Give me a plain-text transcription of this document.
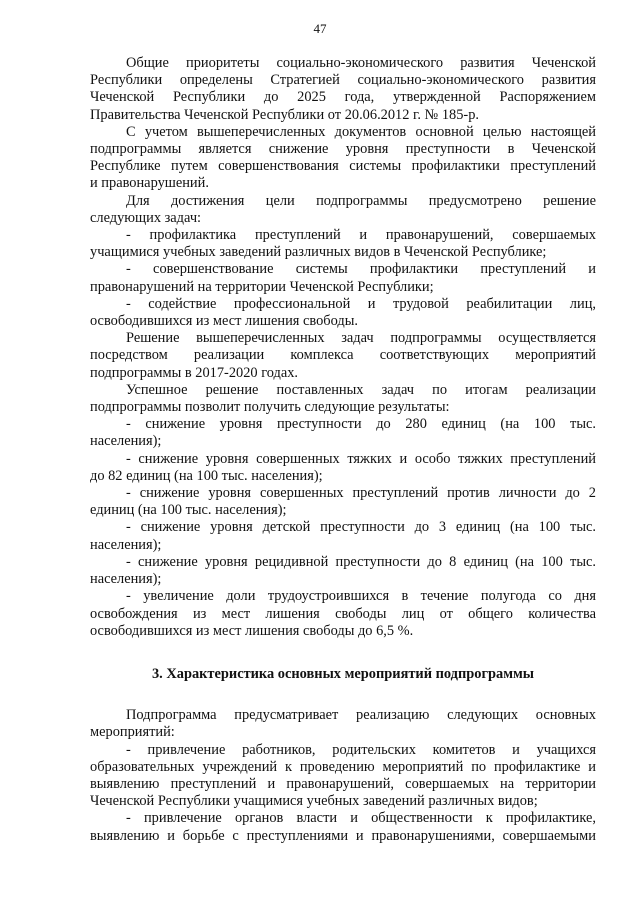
47

Общие приоритеты социально-экономического развития Чеченской
Республики определены Стратегией социально-экономического развития
Чеченской Республики до 2025 года, утвержденной Распоряжением
Правительства Чеченской Республики от 20.06.2012 г. № 185-р.

С учетом вышеперечисленных документов основной целью настоящей
подпрограммы является снижение уровня преступности в Чеченской
Республике путем совершенствования системы профилактики преступлений
и правонарушений.

Для достижения цели подпрограммы предусмотрено решение
следующих задач:

- профилактика преступлений и правонарушений, совершаемых
учащимися учебных заведений различных видов в Чеченской Республике;

- совершенствование системы профилактики преступлений и
правонарушений на территории Чеченской Республики;

- содействие профессиональной и трудовой реабилитации лиц,
освободившихся из мест лишения свободы.

Решение вышеперечисленных задач подпрограммы осуществляется
посредством реализации комплекса соответствующих мероприятий
подпрограммы в 2017-2020 годах.

Успешное решение поставленных задач по итогам реализации
подпрограммы позволит получить следующие результаты:

- снижение уровня преступности до 280 единиц (на 100 тыс.
населения);

- снижение уровня совершенных тяжких и особо тяжких преступлений
до 82 единиц (на 100 тыс. населения);

- снижение уровня совершенных преступлений против личности до 2
единиц (на 100 тыс. населения);

- снижение уровня детской преступности до 3 единиц (на 100 тыс.
населения);

- снижение уровня рецидивной преступности до 8 единиц (на 100 тыс.
населения);

- увеличение доли трудоустроившихся в течение полугода со дня
освобождения из мест лишения свободы лиц от общего количества
освободившихся из мест лишения свободы до 6,5 %.

3. Характеристика основных мероприятий подпрограммы

Подпрограмма предусматривает реализацию следующих основных
мероприятий:

- привлечение работников, родительских комитетов и учащихся
образовательных учреждений к проведению мероприятий по профилактике и
выявлению преступлений и правонарушений, совершаемых на территории
Чеченской Республики учащимися учебных заведений различных видов;

- привлечение органов власти и общественности к профилактике,
выявлению и борьбе с преступлениями и правонарушениями, совершаемыми
